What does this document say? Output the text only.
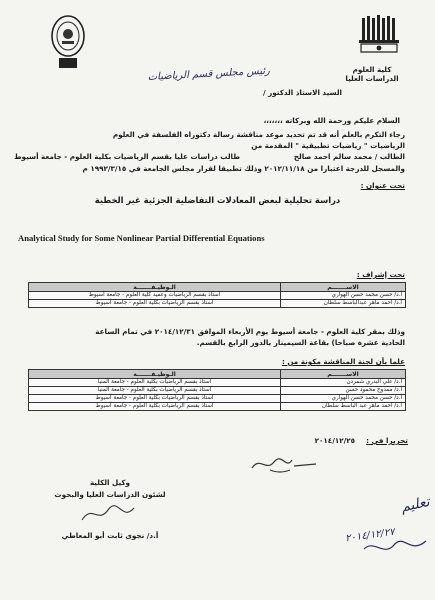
كلية العلوم
الدراسات العليا
السيد الاستاذ الدكتور /
رئيس مجلس قسم الرياضيات
السلام عليكم ورحمة الله وبركاته ،،،،،،،
رجاء التكرم بالعلم أنه قد تم تحديد موعد مناقشة رسالة دكتوراه الفلسفة في العلوم
الرياضيات " رياضيات تطبيقية " المقدمة من
الطالب / محمد سالم احمد صالح
طالب دراسات عليا بقسم الرياضيات بكلية العلوم - جامعة أسيوط
والمسجل للدرجة اعتبارا من ٢٠١٢/١١/١٨ وذلك تطبيقا لقرار مجلس الجامعة في ١٩٩٢/٣/١٥ م
تحت عنوان :
دراسة تحليلية لبعض المعادلات التفاضلية الجزئية غير الخطية
Analytical Study for Some Nonlinear Partial Differential Equations
تحت إشراف :
الاســـــــم	الـوظيـفـــــــة
أ.د/ حسن محمد حسن الهواري	استاذ بقسم الرياضيات وعميد كلية العلوم - جامعة أسيوط
أ.د/ احمد ماهر عبدالباسط سلطان	استاذ بقسم الرياضيات بكلية العلوم - جامعة أسيوط
وذلك بمقر كلية العلوم - جامعة أسيوط يوم الأربعاء الموافق ٢٠١٤/١٢/٣١ في تمام الساعة
الحادية عشرة صباحا) بقاعة السيمينار بالدور الرابع بالقسم.
علما بأن لجنة المناقشة مكونة من :
الاســـــــم	الـوظيـفـــــــة
أ.د/ علي البدري شمردن	استاذ بقسم الرياضيات بكلية العلوم - جامعة المنيا
أ.د/ ممدوح محمود حسن	استاذ بقسم الرياضيات بكلية العلوم - جامعة المنيا
أ.د/ حسن محمد حسن الهواري	استاذ بقسم الرياضيات بكلية العلوم - جامعة أسيوط
أ.د/ احمد ماهر عبد الباسط سلطان	استاذ بقسم الرياضيات بكلية العلوم - جامعة أسيوط
تحريرا في :
٢٠١٤/١٢/٢٥
وكيل الكلية
لشئون الدراسات العليا والبحوث
أ.د/ نجوى ثابت أبو المعاطي
تعليم
٢٠١٤/١٢/٢٧
